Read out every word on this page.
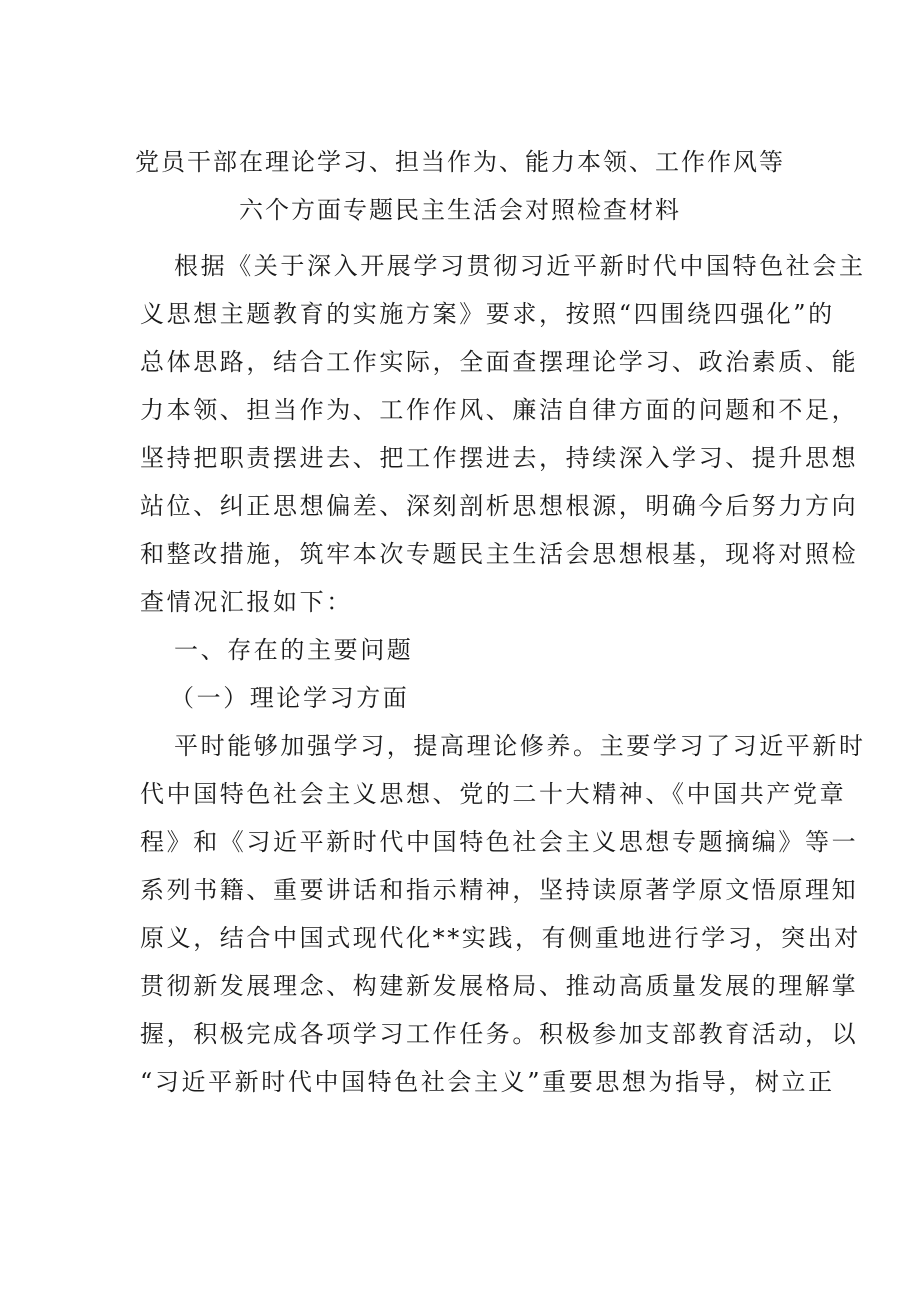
党员干部在理论学习、担当作为、能力本领、工作作风等
六个方面专题民主生活会对照检查材料
根据《关于深入开展学习贯彻习近平新时代中国特色社会主
义思想主题教育的实施方案》要求，按照“四围绕四强化”的
总体思路，结合工作实际，全面查摆理论学习、政治素质、能
力本领、担当作为、工作作风、廉洁自律方面的问题和不足，
坚持把职责摆进去、把工作摆进去，持续深入学习、提升思想
站位、纠正思想偏差、深刻剖析思想根源，明确今后努力方向
和整改措施，筑牢本次专题民主生活会思想根基，现将对照检
查情况汇报如下：
一、存在的主要问题
（一）理论学习方面
平时能够加强学习，提高理论修养。主要学习了习近平新时
代中国特色社会主义思想、党的二十大精神、《中国共产党章
程》和《习近平新时代中国特色社会主义思想专题摘编》等一
系列书籍、重要讲话和指示精神，坚持读原著学原文悟原理知
原义，结合中国式现代化**实践，有侧重地进行学习，突出对
贯彻新发展理念、构建新发展格局、推动高质量发展的理解掌
握，积极完成各项学习工作任务。积极参加支部教育活动，以
“习近平新时代中国特色社会主义”重要思想为指导，树立正
